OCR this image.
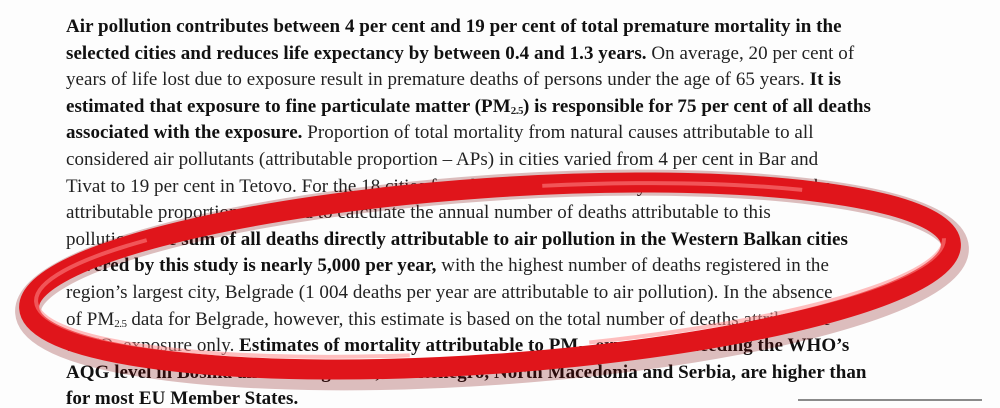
Air pollution contributes between 4 per cent and 19 per cent of total premature mortality in the
selected cities and reduces life expectancy by between 0.4 and 1.3 years. On average, 20 per cent of
years of life lost due to exposure result in premature deaths of persons under the age of 65 years. It is
estimated that exposure to fine particulate matter (PM2.5) is responsible for 75 per cent of all deaths
associated with the exposure. Proportion of total mortality from natural causes attributable to all
considered air pollutants (attributable proportion – APs) in cities varied from 4 per cent in Bar and
Tivat to 19 per cent in Tetovo. For the 18 cities for which baseline mortality data were available, the
attributable proportion was used to calculate the annual number of deaths attributable to this
pollution. The sum of all deaths directly attributable to air pollution in the Western Balkan cities
covered by this study is nearly 5,000 per year, with the highest number of deaths registered in the
region’s largest city, Belgrade (1 004 deaths per year are attributable to air pollution). In the absence
of PM2.5 data for Belgrade, however, this estimate is based on the total number of deaths attributable
to NO2 exposure only. Estimates of mortality attributable to PM2.5 exposure exceeding the WHO’s
AQG level in Bosnia and Herzegovina, Montenegro, North Macedonia and Serbia, are higher than
for most EU Member States.
